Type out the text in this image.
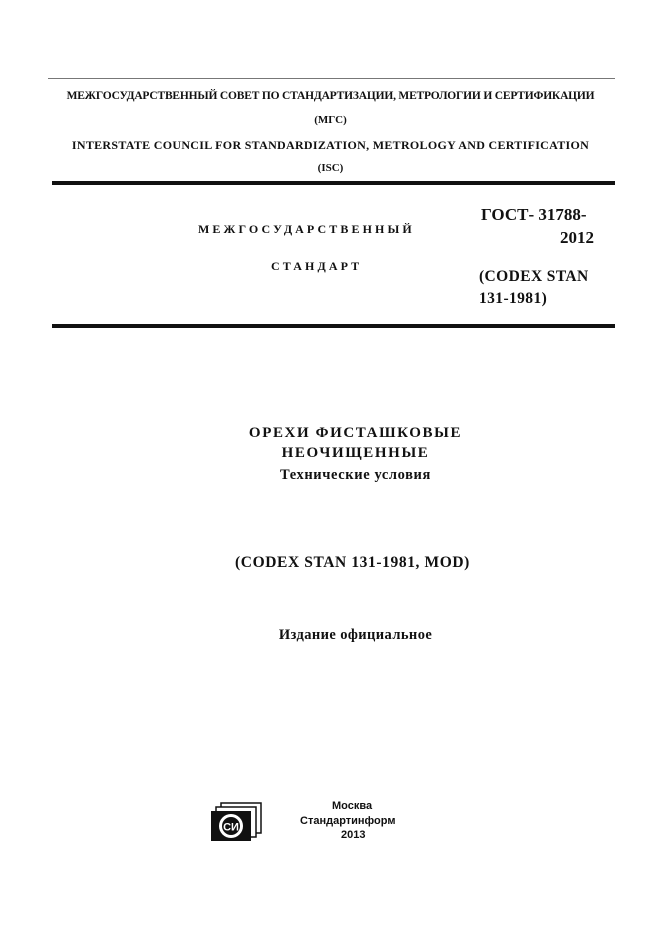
МЕЖГОСУДАРСТВЕННЫЙ СОВЕТ ПО СТАНДАРТИЗАЦИИ, МЕТРОЛОГИИ И СЕРТИФИКАЦИИ
(МГС)
INTERSTATE COUNCIL FOR STANDARDIZATION, METROLOGY AND CERTIFICATION
(ISC)
МЕЖГОСУДАРСТВЕННЫЙ
СТАНДАРТ
ГОСТ- 31788-
2012
(CODEX STAN
131-1981)
ОРЕХИ ФИСТАШКОВЫЕ
НЕОЧИЩЕННЫЕ
Технические условия
(CODEX STAN 131-1981, MOD)
Издание официальное
СИ
Москва
Стандартинформ
2013
